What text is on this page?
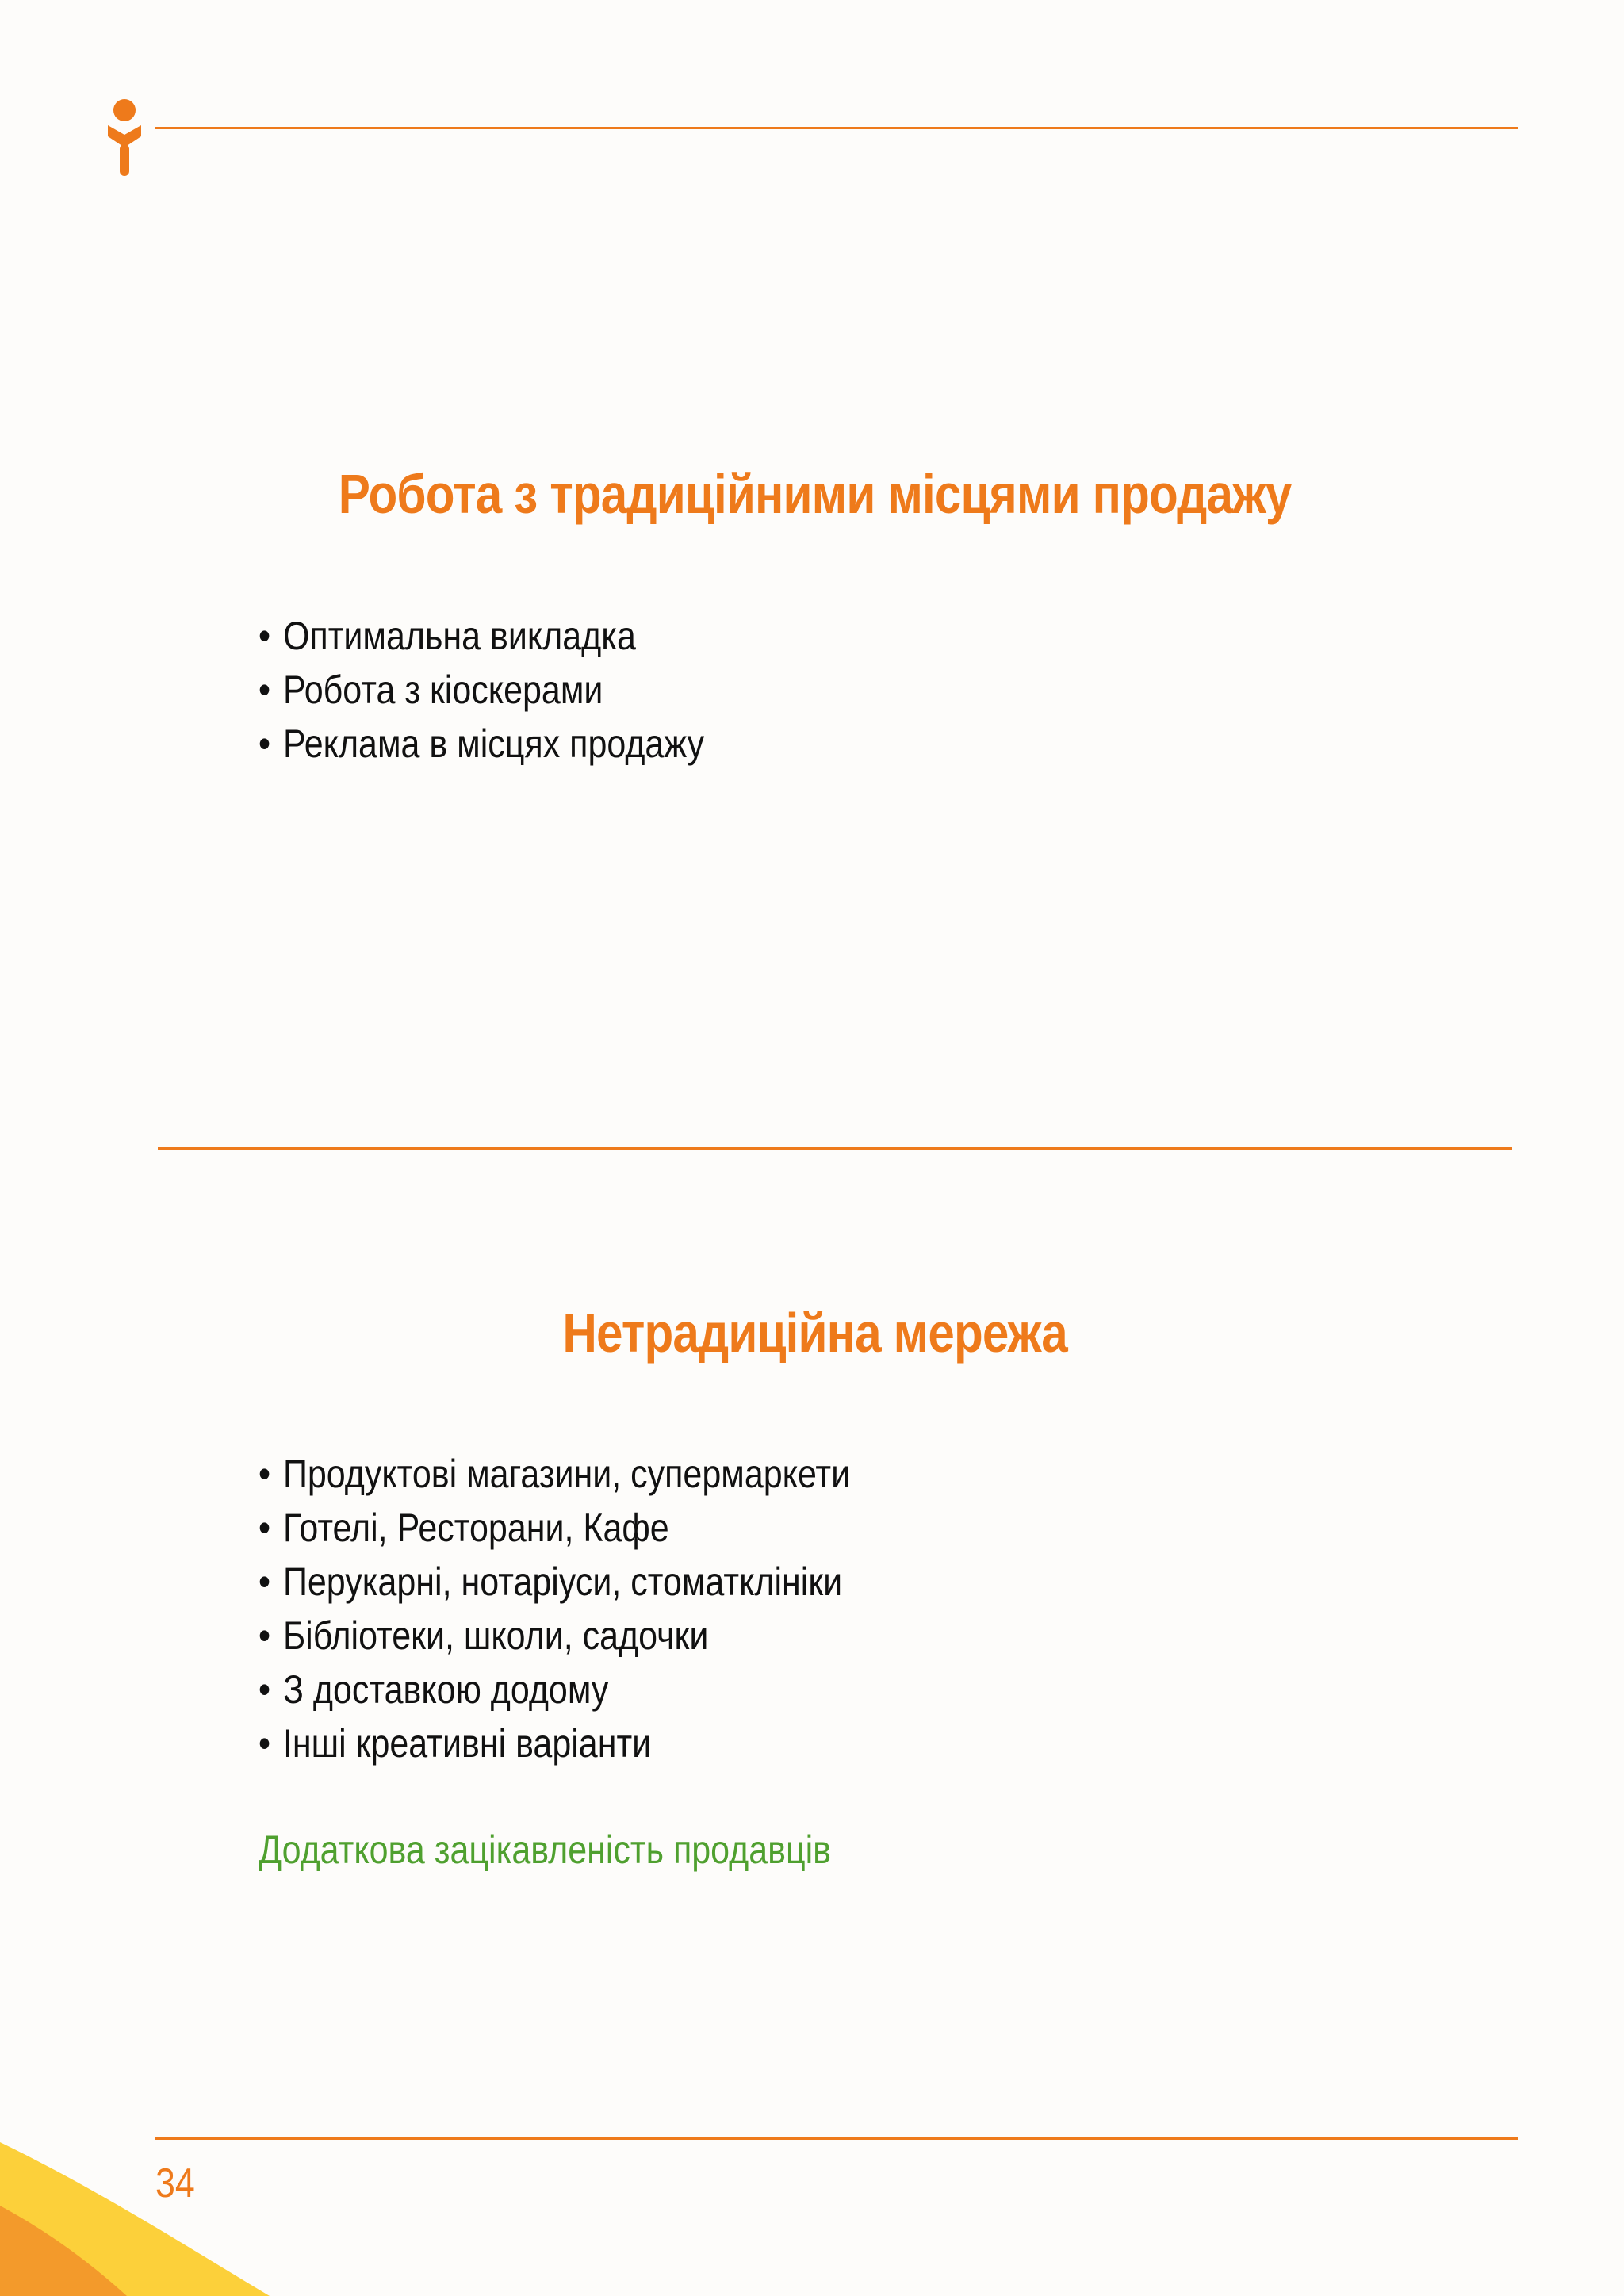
Робота з традиційними місцями продажу
• Оптимальна викладка
• Робота з кіоскерами
• Реклама в місцях продажу
Нетрадиційна мережа
• Продуктові магазини, супермаркети
• Готелі, Ресторани, Кафе
• Перукарні, нотаріуси, стоматклініки
• Бібліотеки, школи, садочки
• З доставкою додому
• Інші креативні варіанти

Додаткова зацікавленість продавців

34
